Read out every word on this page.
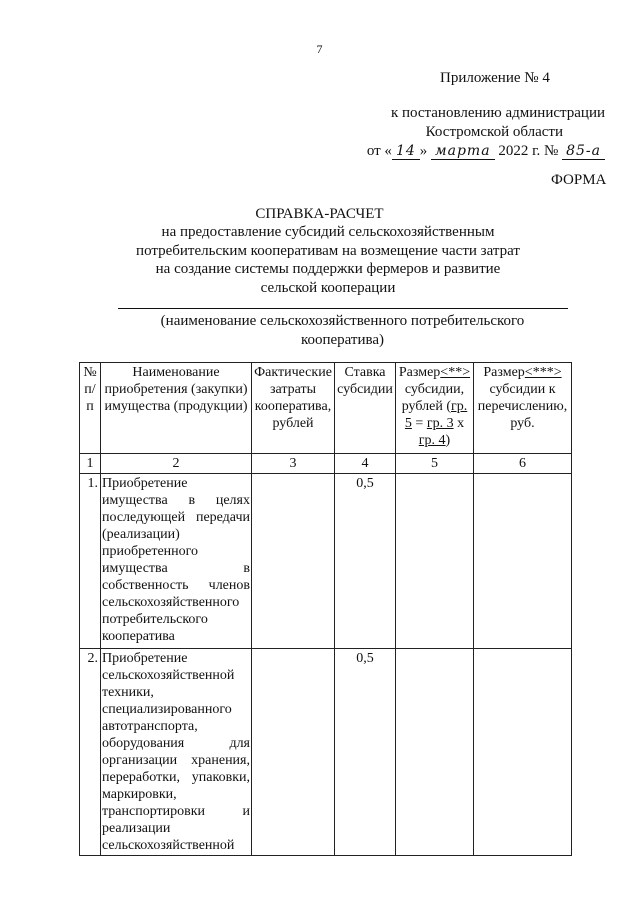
7
Приложение № 4
к постановлению администрации
Костромской области
от « 14 » марта 2022 г. № 85-а
ФОРМА
СПРАВКА-РАСЧЕТ
на предоставление субсидий сельскохозяйственным потребительским кооперативам на возмещение части затрат на создание системы поддержки фермеров и развитие сельской кооперации
(наименование сельскохозяйственного потребительского кооператива)
№ п/п	Наименование приобретения (закупки) имущества (продукции)	Фактические затраты кооператива, рублей	Ставка субсидии	Размер<**> субсидии, рублей (гр. 5 = гр. 3 x гр. 4)	Размер<***> субсидии к перечислению, руб.
1	2	3	4	5	6
1.	Приобретение имущества в целях последующей передачи (реализации) приобретенного имущества в собственность членов сельскохозяйственного потребительского кооператива		0,5		
2.	Приобретение сельскохозяйственной техники, специализированного автотранспорта, оборудования для организации хранения, переработки, упаковки, маркировки, транспортировки и реализации сельскохозяйственной		0,5		
